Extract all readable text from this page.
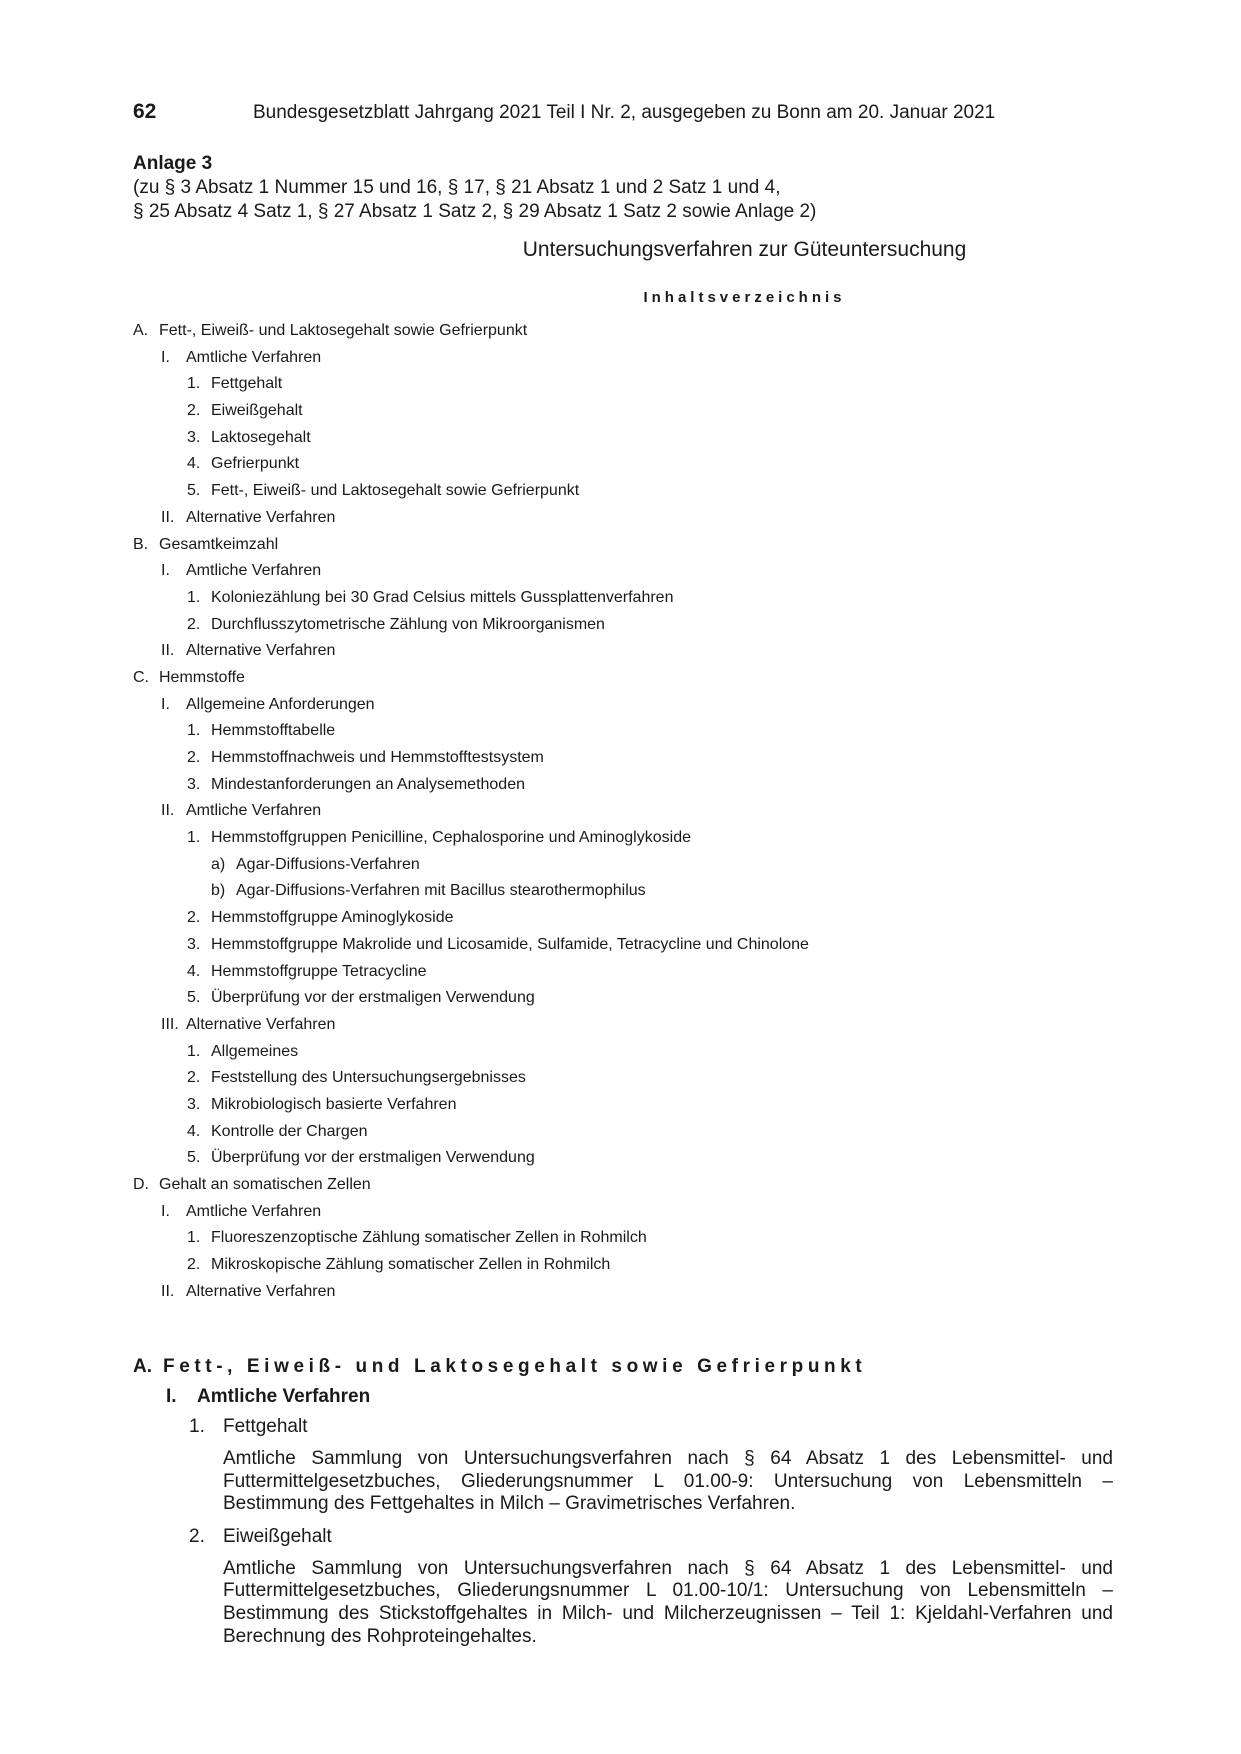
62	Bundesgesetzblatt Jahrgang 2021 Teil I Nr. 2, ausgegeben zu Bonn am 20. Januar 2021
Anlage 3
(zu § 3 Absatz 1 Nummer 15 und 16, § 17, § 21 Absatz 1 und 2 Satz 1 und 4,
§ 25 Absatz 4 Satz 1, § 27 Absatz 1 Satz 2, § 29 Absatz 1 Satz 2 sowie Anlage 2)
Untersuchungsverfahren zur Güteuntersuchung
Inhaltsverzeichnis
A. Fett-, Eiweiß- und Laktosegehalt sowie Gefrierpunkt
I. Amtliche Verfahren
1. Fettgehalt
2. Eiweißgehalt
3. Laktosegehalt
4. Gefrierpunkt
5. Fett-, Eiweiß- und Laktosegehalt sowie Gefrierpunkt
II. Alternative Verfahren
B. Gesamtkeimzahl
I. Amtliche Verfahren
1. Koloniezählung bei 30 Grad Celsius mittels Gussplattenverfahren
2. Durchflusszytometrische Zählung von Mikroorganismen
II. Alternative Verfahren
C. Hemmstoffe
I. Allgemeine Anforderungen
1. Hemmstofftabelle
2. Hemmstoffnachweis und Hemmstofftestsystem
3. Mindestanforderungen an Analysemethoden
II. Amtliche Verfahren
1. Hemmstoffgruppen Penicilline, Cephalosporine und Aminoglykoside
a) Agar-Diffusions-Verfahren
b) Agar-Diffusions-Verfahren mit Bacillus stearothermophilus
2. Hemmstoffgruppe Aminoglykoside
3. Hemmstoffgruppe Makrolide und Licosamide, Sulfamide, Tetracycline und Chinolone
4. Hemmstoffgruppe Tetracycline
5. Überprüfung vor der erstmaligen Verwendung
III. Alternative Verfahren
1. Allgemeines
2. Feststellung des Untersuchungsergebnisses
3. Mikrobiologisch basierte Verfahren
4. Kontrolle der Chargen
5. Überprüfung vor der erstmaligen Verwendung
D. Gehalt an somatischen Zellen
I. Amtliche Verfahren
1. Fluoreszenzoptische Zählung somatischer Zellen in Rohmilch
2. Mikroskopische Zählung somatischer Zellen in Rohmilch
II. Alternative Verfahren
A. Fett-, Eiweiß- und Laktosegehalt sowie Gefrierpunkt
I. Amtliche Verfahren
1. Fettgehalt
Amtliche Sammlung von Untersuchungsverfahren nach § 64 Absatz 1 des Lebensmittel- und Futtermittelgesetzbuches, Gliederungsnummer L 01.00-9: Untersuchung von Lebensmitteln – Bestimmung des Fettgehaltes in Milch – Gravimetrisches Verfahren.
2. Eiweißgehalt
Amtliche Sammlung von Untersuchungsverfahren nach § 64 Absatz 1 des Lebensmittel- und Futtermittelgesetzbuches, Gliederungsnummer L 01.00-10/1: Untersuchung von Lebensmitteln – Bestimmung des Stickstoffgehaltes in Milch- und Milcherzeugnissen – Teil 1: Kjeldahl-Verfahren und Berechnung des Rohproteingehaltes.
